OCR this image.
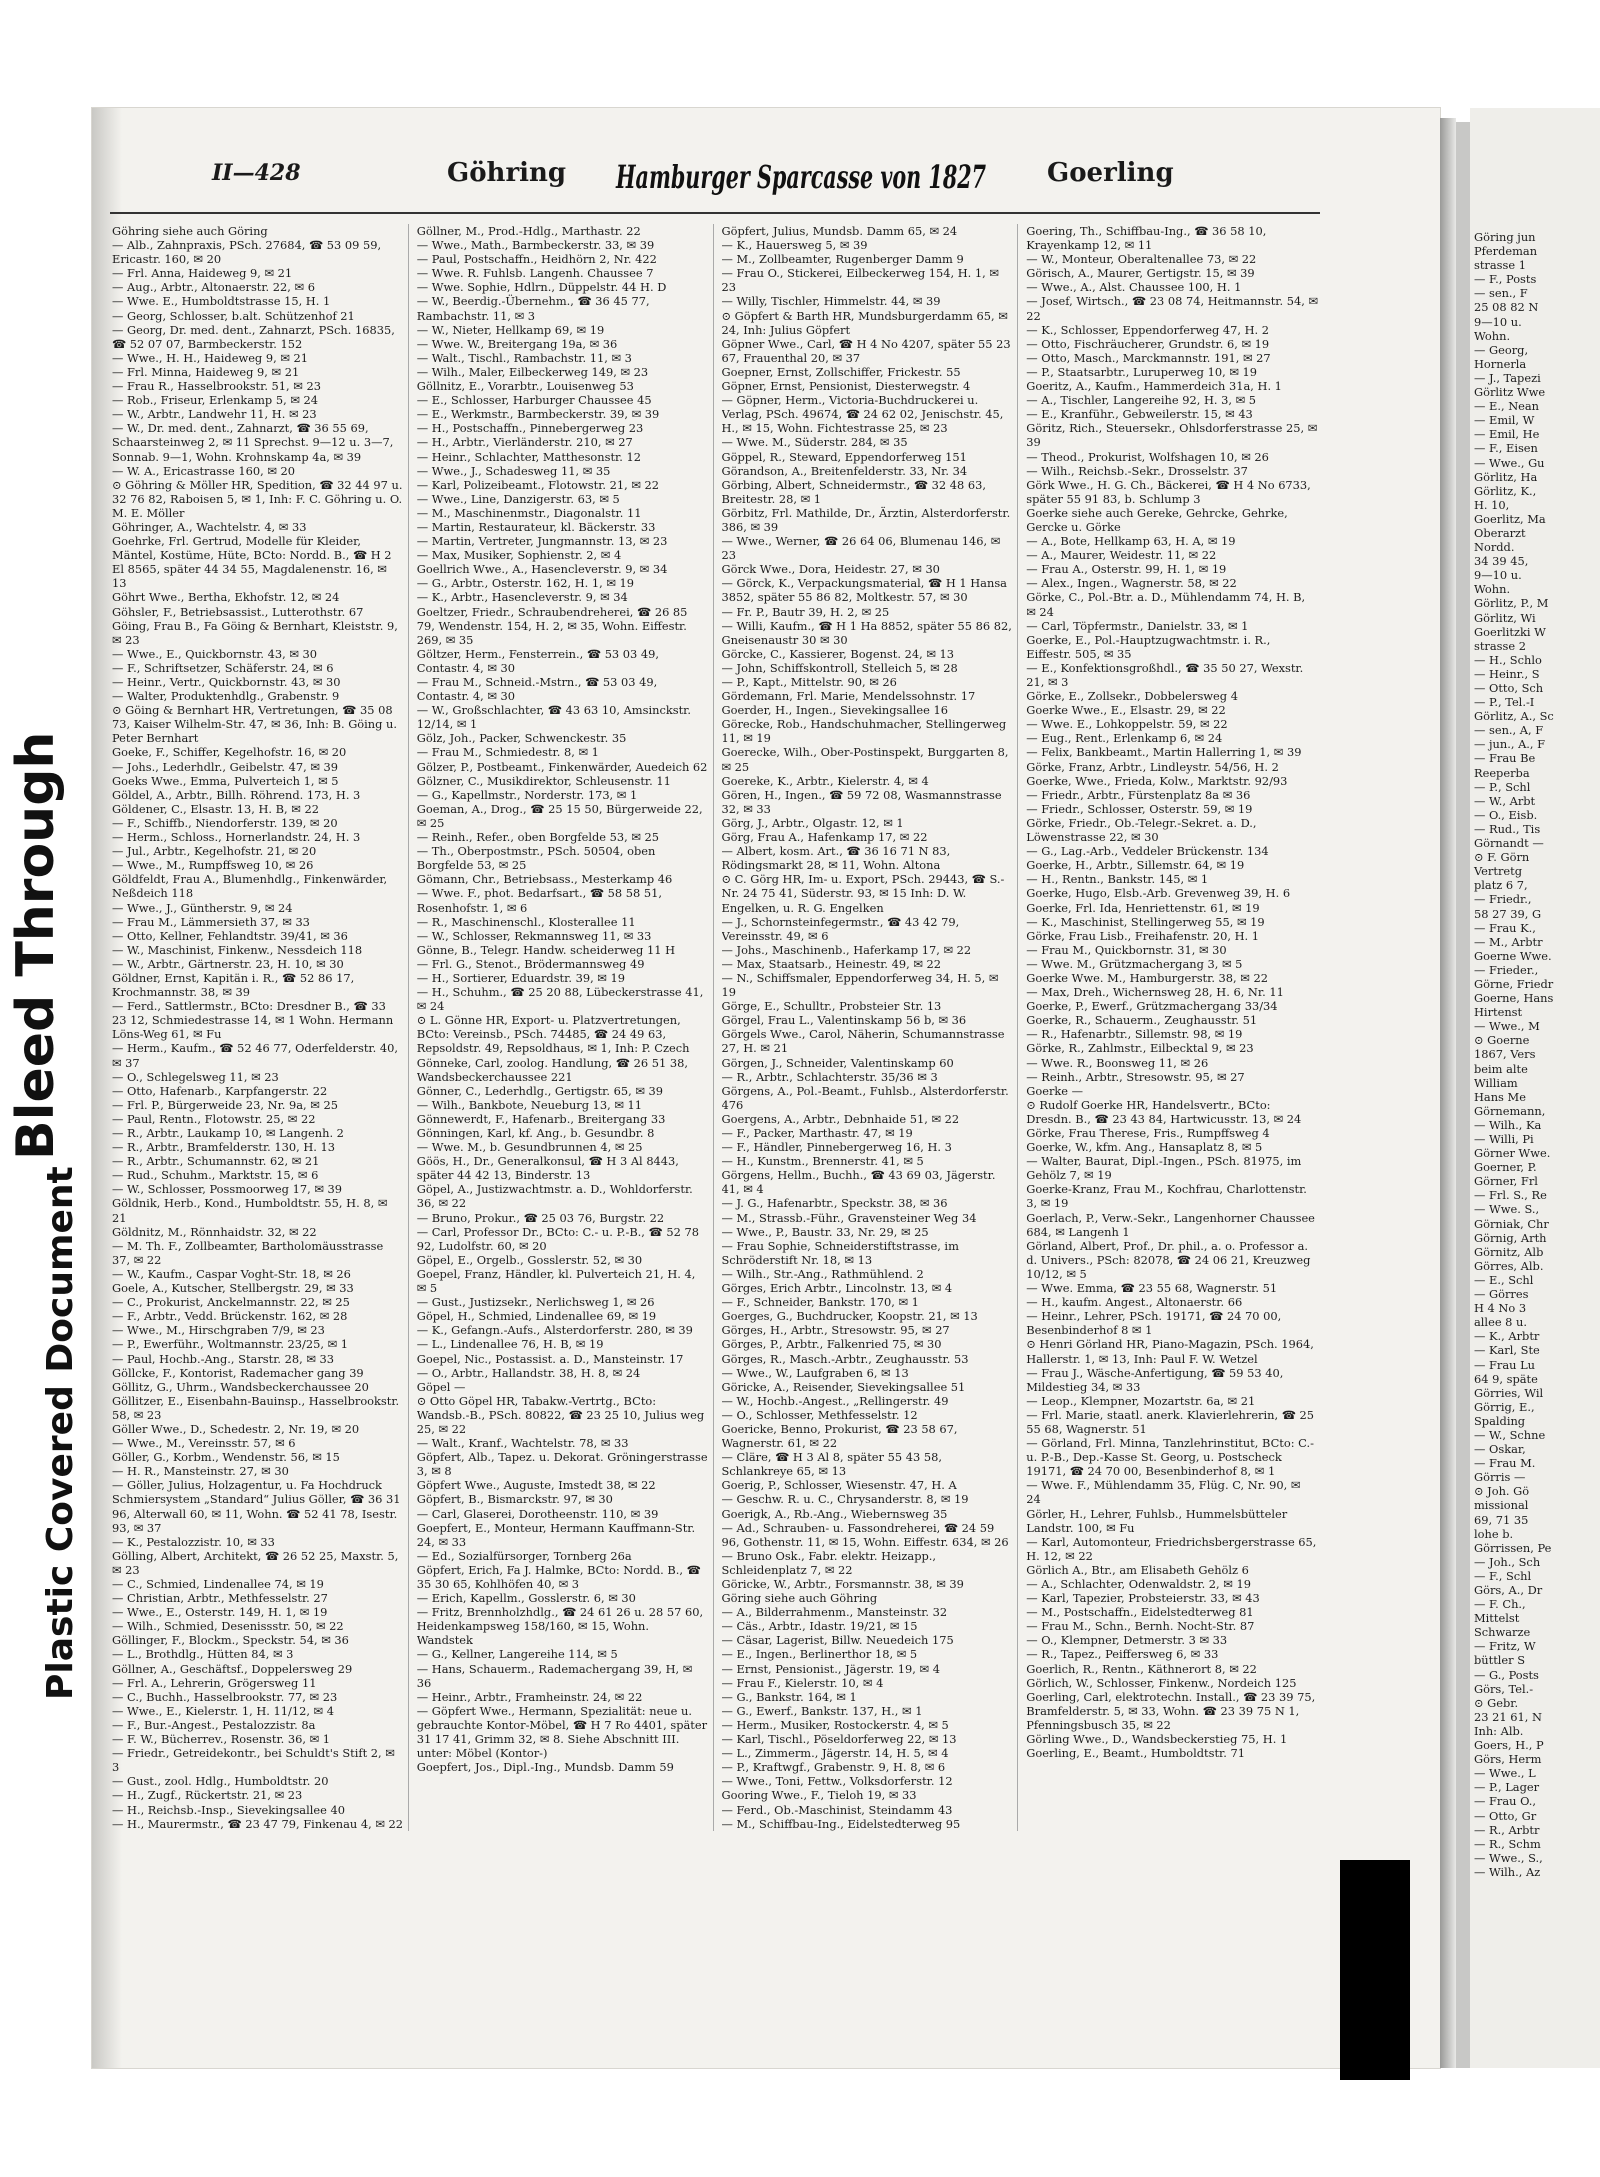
Bleed Through
Plastic Covered Document
II—428	Göhring Hamburger Sparcasse von 1827 Goerling

Göhring siehe auch Göring

— Alb., Zahnpraxis, PSch. 27684, ☎ 53 09 59, Ericastr. 160, ✉ 20

— Frl. Anna, Haideweg 9, ✉ 21

— Aug., Arbtr., Altonaerstr. 22, ✉ 6

— Wwe. E., Humboldtstrasse 15, H. 1

— Georg, Schlosser, b.alt. Schützenhof 21

— Georg, Dr. med. dent., Zahnarzt, PSch. 16835, ☎ 52 07 07, Barmbeckerstr. 152

— Wwe., H. H., Haideweg 9, ✉ 21

— Frl. Minna, Haideweg 9, ✉ 21

— Frau R., Hasselbrookstr. 51, ✉ 23

— Rob., Friseur, Erlenkamp 5, ✉ 24

— W., Arbtr., Landwehr 11, H. ✉ 23

— W., Dr. med. dent., Zahnarzt, ☎ 36 55 69, Schaarsteinweg 2, ✉ 11 Sprechst. 9—12 u. 3—7, Sonnab. 9—1, Wohn. Krohnskamp 4a, ✉ 39

— W. A., Ericastrasse 160, ✉ 20

⊙ Göhring & Möller HR, Spedition, ☎ 32 44 97 u. 32 76 82, Raboisen 5, ✉ 1, Inh: F. C. Göhring u. O. M. E. Möller

Göhringer, A., Wachtelstr. 4, ✉ 33

Goehrke, Frl. Gertrud, Modelle für Kleider, Mäntel, Kostüme, Hüte, BCto: Nordd. B., ☎ H 2 El 8565, später 44 34 55, Magdalenenstr. 16, ✉ 13

Göhrt Wwe., Bertha, Ekhofstr. 12, ✉ 24

Göhsler, F., Betriebsassist., Lutterothstr. 67

Göing, Frau B., Fa Göing & Bernhart, Kleiststr. 9, ✉ 23

— Wwe., E., Quickbornstr. 43, ✉ 30

— F., Schriftsetzer, Schäferstr. 24, ✉ 6

— Heinr., Vertr., Quickbornstr. 43, ✉ 30

— Walter, Produktenhdlg., Grabenstr. 9

⊙ Göing & Bernhart HR, Vertretungen, ☎ 35 08 73, Kaiser Wilhelm-Str. 47, ✉ 36, Inh: B. Göing u. Peter Bernhart

Goeke, F., Schiffer, Kegelhofstr. 16, ✉ 20

— Johs., Lederhdlr., Geibelstr. 47, ✉ 39

Goeks Wwe., Emma, Pulverteich 1, ✉ 5

Göldel, A., Arbtr., Billh. Röhrend. 173, H. 3

Göldener, C., Elsastr. 13, H. B, ✉ 22

— F., Schiffb., Niendorferstr. 139, ✉ 20

— Herm., Schloss., Hornerlandstr. 24, H. 3

— Jul., Arbtr., Kegelhofstr. 21, ✉ 20

— Wwe., M., Rumpffsweg 10, ✉ 26

Göldfeldt, Frau A., Blumenhdlg., Finkenwärder, Neßdeich 118

— Wwe., J., Güntherstr. 9, ✉ 24

— Frau M., Lämmersieth 37, ✉ 33

— Otto, Kellner, Fehlandtstr. 39/41, ✉ 36

— W., Maschinist, Finkenw., Nessdeich 118

— W., Arbtr., Gärtnerstr. 23, H. 10, ✉ 30

Göldner, Ernst, Kapitän i. R., ☎ 52 86 17, Krochmannstr. 38, ✉ 39

— Ferd., Sattlermstr., BCto: Dresdner B., ☎ 33 23 12, Schmiedestrasse 14, ✉ 1 Wohn. Hermann Löns-Weg 61, ✉ Fu

— Herm., Kaufm., ☎ 52 46 77, Oderfelderstr. 40, ✉ 37

— O., Schlegelsweg 11, ✉ 23

— Otto, Hafenarb., Karpfangerstr. 22

— Frl. P., Bürgerweide 23, Nr. 9a, ✉ 25

— Paul, Rentn., Flotowstr. 25, ✉ 22

— R., Arbtr., Laukamp 10, ✉ Langenh. 2

— R., Arbtr., Bramfelderstr. 130, H. 13

— R., Arbtr., Schumannstr. 62, ✉ 21

— Rud., Schuhm., Marktstr. 15, ✉ 6

— W., Schlosser, Possmoorweg 17, ✉ 39

Göldnik, Herb., Kond., Humboldtstr. 55, H. 8, ✉ 21

Göldnitz, M., Rönnhaidstr. 32, ✉ 22

— M. Th. F., Zollbeamter, Bartholomäusstrasse 37, ✉ 22

— W., Kaufm., Caspar Voght-Str. 18, ✉ 26

Goele, A., Kutscher, Stellbergstr. 29, ✉ 33

— C., Prokurist, Anckelmannstr. 22, ✉ 25

— F., Arbtr., Vedd. Brückenstr. 162, ✉ 28

— Wwe., M., Hirschgraben 7/9, ✉ 23

— P., Ewerführ., Woltmannstr. 23/25, ✉ 1

— Paul, Hochb.-Ang., Starstr. 28, ✉ 33

Göllcke, F., Kontorist, Rademacher gang 39

Göllitz, G., Uhrm., Wandsbeckerchaussee 20

Göllitzer, E., Eisenbahn-Bauinsp., Hasselbrookstr. 58, ✉ 23

Göller Wwe., D., Schedestr. 2, Nr. 19, ✉ 20

— Wwe., M., Vereinsstr. 57, ✉ 6

Göller, G., Korbm., Wendenstr. 56, ✉ 15

— H. R., Mansteinstr. 27, ✉ 30

— Göller, Julius, Holzagentur, u. Fa Hochdruck Schmiersystem „Standard“ Julius Göller, ☎ 36 31 96, Alterwall 60, ✉ 11, Wohn. ☎ 52 41 78, Isestr. 93, ✉ 37

— K., Pestalozzistr. 10, ✉ 33

Gölling, Albert, Architekt, ☎ 26 52 25, Maxstr. 5, ✉ 23

— C., Schmied, Lindenallee 74, ✉ 19

— Christian, Arbtr., Methfesselstr. 27

— Wwe., E., Osterstr. 149, H. 1, ✉ 19

— Wilh., Schmied, Desenissstr. 50, ✉ 22

Göllinger, F., Blockm., Speckstr. 54, ✉ 36

— L., Brothdlg., Hütten 84, ✉ 3

Göllner, A., Geschäftsf., Doppelersweg 29

— Frl. A., Lehrerin, Grögersweg 11

— C., Buchh., Hasselbrookstr. 77, ✉ 23

— Wwe., E., Kielerstr. 1, H. 11/12, ✉ 4

— F., Bur.-Angest., Pestalozzistr. 8a

— F. W., Bücherrev., Rosenstr. 36, ✉ 1

— Friedr., Getreidekontr., bei Schuldt's Stift 2, ✉ 3

— Gust., zool. Hdlg., Humboldtstr. 20

— H., Zugf., Rückertstr. 21, ✉ 23

— H., Reichsb.-Insp., Sievekingsallee 40

— H., Maurermstr., ☎ 23 47 79, Finkenau 4, ✉ 22

Göllner, M., Prod.-Hdlg., Marthastr. 22

— Wwe., Math., Barmbeckerstr. 33, ✉ 39

— Paul, Postschaffn., Heidhörn 2, Nr. 422

— Wwe. R. Fuhlsb. Langenh. Chaussee 7

— Wwe. Sophie, Hdlrn., Düppelstr. 44 H. D

— W., Beerdig.-Übernehm., ☎ 36 45 77, Rambachstr. 11, ✉ 3

— W., Nieter, Hellkamp 69, ✉ 19

— Wwe. W., Breitergang 19a, ✉ 36

— Walt., Tischl., Rambachstr. 11, ✉ 3

— Wilh., Maler, Eilbeckerweg 149, ✉ 23

Göllnitz, E., Vorarbtr., Louisenweg 53

— E., Schlosser, Harburger Chaussee 45

— E., Werkmstr., Barmbeckerstr. 39, ✉ 39

— H., Postschaffn., Pinnebergerweg 23

— H., Arbtr., Vierländerstr. 210, ✉ 27

— Heinr., Schlachter, Matthesonstr. 12

— Wwe., J., Schadesweg 11, ✉ 35

— Karl, Polizeibeamt., Flotowstr. 21, ✉ 22

— Wwe., Line, Danzigerstr. 63, ✉ 5

— M., Maschinenmstr., Diagonalstr. 11

— Martin, Restaurateur, kl. Bäckerstr. 33

— Martin, Vertreter, Jungmannstr. 13, ✉ 23

— Max, Musiker, Sophienstr. 2, ✉ 4

Goellrich Wwe., A., Hasencleverstr. 9, ✉ 34

— G., Arbtr., Osterstr. 162, H. 1, ✉ 19

— K., Arbtr., Hasencleverstr. 9, ✉ 34

Goeltzer, Friedr., Schraubendreherei, ☎ 26 85 79, Wendenstr. 154, H. 2, ✉ 35, Wohn. Eiffestr. 269, ✉ 35

Göltzer, Herm., Fensterrein., ☎ 53 03 49, Contastr. 4, ✉ 30

— Frau M., Schneid.-Mstrn., ☎ 53 03 49, Contastr. 4, ✉ 30

— W., Großschlachter, ☎ 43 63 10, Amsinckstr. 12/14, ✉ 1

Gölz, Joh., Packer, Schwenckestr. 35

— Frau M., Schmiedestr. 8, ✉ 1

Gölzer, P., Postbeamt., Finkenwärder, Auedeich 62

Gölzner, C., Musikdirektor, Schleusenstr. 11

— G., Kapellmstr., Norderstr. 173, ✉ 1

Goeman, A., Drog., ☎ 25 15 50, Bürgerweide 22, ✉ 25

— Reinh., Refer., oben Borgfelde 53, ✉ 25

— Th., Oberpostmstr., PSch. 50504, oben Borgfelde 53, ✉ 25

Gömann, Chr., Betriebsass., Mesterkamp 46

— Wwe. F., phot. Bedarfsart., ☎ 58 58 51, Rosenhofstr. 1, ✉ 6

— R., Maschinenschl., Klosterallee 11

— W., Schlosser, Rekmannsweg 11, ✉ 33

Gönne, B., Telegr. Handw. scheiderweg 11 H

— Frl. G., Stenot., Brödermannsweg 49

— H., Sortierer, Eduardstr. 39, ✉ 19

— H., Schuhm., ☎ 25 20 88, Lübeckerstrasse 41, ✉ 24

⊙ L. Gönne HR, Export- u. Platzvertretungen, BCto: Vereinsb., PSch. 74485, ☎ 24 49 63, Repsoldstr. 49, Repsoldhaus, ✉ 1, Inh: P. Czech

Gönneke, Carl, zoolog. Handlung, ☎ 26 51 38, Wandsbeckerchaussee 221

Gönner, C., Lederhdlg., Gertigstr. 65, ✉ 39

— Wilh., Bankbote, Neueburg 13, ✉ 11

Gönnewerdt, F., Hafenarb., Breitergang 33

Gönningen, Karl, kf. Ang., b. Gesundbr. 8

— Wwe. M., b. Gesundbrunnen 4, ✉ 25

Göös, H., Dr., Generalkonsul, ☎ H 3 Al 8443, später 44 42 13, Binderstr. 13

Göpel, A., Justizwachtmstr. a. D., Wohldorferstr. 36, ✉ 22

— Bruno, Prokur., ☎ 25 03 76, Burgstr. 22

— Carl, Professor Dr., BCto: C.- u. P.-B., ☎ 52 78 92, Ludolfstr. 60, ✉ 20

Göpel, E., Orgelb., Gosslerstr. 52, ✉ 30

Goepel, Franz, Händler, kl. Pulverteich 21, H. 4, ✉ 5

— Gust., Justizsekr., Nerlichsweg 1, ✉ 26

Göpel, H., Schmied, Lindenallee 69, ✉ 19

— K., Gefangn.-Aufs., Alsterdorferstr. 280, ✉ 39

— L., Lindenallee 76, H. B, ✉ 19

Goepel, Nic., Postassist. a. D., Mansteinstr. 17

— O., Arbtr., Hallandstr. 38, H. 8, ✉ 24

Göpel —

⊙ Otto Göpel HR, Tabakw.-Vertrtg., BCto: Wandsb.-B., PSch. 80822, ☎ 23 25 10, Julius weg 25, ✉ 22

— Walt., Kranf., Wachtelstr. 78, ✉ 33

Göpfert, Alb., Tapez. u. Dekorat. Gröningerstrasse 3, ✉ 8

Göpfert Wwe., Auguste, Imstedt 38, ✉ 22

Göpfert, B., Bismarckstr. 97, ✉ 30

— Carl, Glaserei, Dorotheenstr. 110, ✉ 39

Goepfert, E., Monteur, Hermann Kauffmann-Str. 24, ✉ 33

— Ed., Sozialfürsorger, Tornberg 26a

Göpfert, Erich, Fa J. Halmke, BCto: Nordd. B., ☎ 35 30 65, Kohlhöfen 40, ✉ 3

— Erich, Kapellm., Gosslerstr. 6, ✉ 30

— Fritz, Brennholzhdlg., ☎ 24 61 26 u. 28 57 60, Heidenkampsweg 158/160, ✉ 15, Wohn. Wandstek

— G., Kellner, Langereihe 114, ✉ 5

— Hans, Schauerm., Rademachergang 39, H, ✉ 36

— Heinr., Arbtr., Framheinstr. 24, ✉ 22

— Göpfert Wwe., Hermann, Spezialität: neue u. gebrauchte Kontor-Möbel, ☎ H 7 Ro 4401, später 31 17 41, Grimm 32, ✉ 8. Siehe Abschnitt III. unter: Möbel (Kontor-)

Goepfert, Jos., Dipl.-Ing., Mundsb. Damm 59

Göpfert, Julius, Mundsb. Damm 65, ✉ 24

— K., Hauersweg 5, ✉ 39

— M., Zollbeamter, Rugenberger Damm 9

— Frau O., Stickerei, Eilbeckerweg 154, H. 1, ✉ 23

— Willy, Tischler, Himmelstr. 44, ✉ 39

⊙ Göpfert & Barth HR, Mundsburgerdamm 65, ✉ 24, Inh: Julius Göpfert

Göpner Wwe., Carl, ☎ H 4 No 4207, später 55 23 67, Frauenthal 20, ✉ 37

Goepner, Ernst, Zollschiffer, Frickestr. 55

Göpner, Ernst, Pensionist, Diesterwegstr. 4

— Göpner, Herm., Victoria-Buchdruckerei u. Verlag, PSch. 49674, ☎ 24 62 02, Jenischstr. 45, H., ✉ 15, Wohn. Fichtestrasse 25, ✉ 23

— Wwe. M., Süderstr. 284, ✉ 35

Göppel, R., Steward, Eppendorferweg 151

Görandson, A., Breitenfelderstr. 33, Nr. 34

Görbing, Albert, Schneidermstr., ☎ 32 48 63, Breitestr. 28, ✉ 1

Görbitz, Frl. Mathilde, Dr., Ärztin, Alsterdorferstr. 386, ✉ 39

— Wwe., Werner, ☎ 26 64 06, Blumenau 146, ✉ 23

Görck Wwe., Dora, Heidestr. 27, ✉ 30

— Görck, K., Verpackungsmaterial, ☎ H 1 Hansa 3852, später 55 86 82, Moltkestr. 57, ✉ 30

— Fr. P., Bautr 39, H. 2, ✉ 25

— Willi, Kaufm., ☎ H 1 Ha 8852, später 55 86 82, Gneisenaustr 30 ✉ 30

Görcke, C., Kassierer, Bogenst. 24, ✉ 13

— John, Schiffskontroll, Stelleich 5, ✉ 28

— P., Kapt., Mittelstr. 90, ✉ 26

Gördemann, Frl. Marie, Mendelssohnstr. 17

Goerder, H., Ingen., Sievekingsallee 16

Görecke, Rob., Handschuhmacher, Stellingerweg 11, ✉ 19

Goerecke, Wilh., Ober-Postinspekt, Burggarten 8, ✉ 25

Goereke, K., Arbtr., Kielerstr. 4, ✉ 4

Gören, H., Ingen., ☎ 59 72 08, Wasmannstrasse 32, ✉ 33

Görg, J., Arbtr., Olgastr. 12, ✉ 1

Görg, Frau A., Hafenkamp 17, ✉ 22

— Albert, kosm. Art., ☎ 36 16 71 N 83, Rödingsmarkt 28, ✉ 11, Wohn. Altona

⊙ C. Görg HR, Im- u. Export, PSch. 29443, ☎ S.-Nr. 24 75 41, Süderstr. 93, ✉ 15 Inh: D. W. Engelken, u. R. G. Engelken

— J., Schornsteinfegermstr., ☎ 43 42 79, Vereinsstr. 49, ✉ 6

— Johs., Maschinenb., Haferkamp 17, ✉ 22

— Max, Staatsarb., Heinestr. 49, ✉ 22

— N., Schiffsmaler, Eppendorferweg 34, H. 5, ✉ 19

Görge, E., Schulltr., Probsteier Str. 13

Görgel, Frau L., Valentinskamp 56 b, ✉ 36

Görgels Wwe., Carol, Näherin, Schumannstrasse 27, H. ✉ 21

Görgen, J., Schneider, Valentinskamp 60

— R., Arbtr., Schlachterstr. 35/36 ✉ 3

Görgens, A., Pol.-Beamt., Fuhlsb., Alsterdorferstr. 476

Goergens, A., Arbtr., Debnhaide 51, ✉ 22

— F., Packer, Marthastr. 47, ✉ 19

— F., Händler, Pinnebergerweg 16, H. 3

— H., Kunstm., Brennerstr. 41, ✉ 5

Görgens, Hellm., Buchh., ☎ 43 69 03, Jägerstr. 41, ✉ 4

— J. G., Hafenarbtr., Speckstr. 38, ✉ 36

— M., Strassb.-Führ., Gravensteiner Weg 34

— Wwe., P., Baustr. 33, Nr. 29, ✉ 25

— Frau Sophie, Schneiderstiftstrasse, im Schröderstift Nr. 18, ✉ 13

— Wilh., Str.-Ang., Rathmühlend. 2

Görges, Erich Arbtr., Lincolnstr. 13, ✉ 4

— F., Schneider, Bankstr. 170, ✉ 1

Goerges, G., Buchdrucker, Koopstr. 21, ✉ 13

Görges, H., Arbtr., Stresowstr. 95, ✉ 27

Görges, P., Arbtr., Falkenried 75, ✉ 30

Görges, R., Masch.-Arbtr., Zeughausstr. 53

— Wwe., W., Laufgraben 6, ✉ 13

Göricke, A., Reisender, Sievekingsallee 51

— W., Hochb.-Angest., „Rellingerstr. 49

— O., Schlosser, Methfesselstr. 12

Goericke, Benno, Prokurist, ☎ 23 58 67, Wagnerstr. 61, ✉ 22

— Cläre, ☎ H 3 Al 8, später 55 43 58, Schlankreye 65, ✉ 13

Goerig, P., Schlosser, Wiesenstr. 47, H. A

— Geschw. R. u. C., Chrysanderstr. 8, ✉ 19

Goerigk, A., Rb.-Ang., Wiebernsweg 35

— Ad., Schrauben- u. Fassondreherei, ☎ 24 59 96, Gothenstr. 11, ✉ 15, Wohn. Eiffestr. 634, ✉ 26

— Bruno Osk., Fabr. elektr. Heizapp., Schleidenplatz 7, ✉ 22

Göricke, W., Arbtr., Forsmannstr. 38, ✉ 39

Göring siehe auch Göhring

— A., Bilderrahmenm., Mansteinstr. 32

— Cäs., Arbtr., Idastr. 19/21, ✉ 15

— Cäsar, Lagerist, Billw. Neuedeich 175

— E., Ingen., Berlinerthor 18, ✉ 5

— Ernst, Pensionist., Jägerstr. 19, ✉ 4

— Frau F., Kielerstr. 10, ✉ 4

— G., Bankstr. 164, ✉ 1

— G., Ewerf., Bankstr. 137, H., ✉ 1

— Herm., Musiker, Rostockerstr. 4, ✉ 5

— Karl, Tischl., Pöseldorferweg 22, ✉ 13

— L., Zimmerm., Jägerstr. 14, H. 5, ✉ 4

— P., Kraftwgf., Grabenstr. 9, H. 8, ✉ 6

— Wwe., Toni, Fettw., Volksdorferstr. 12

Gooring Wwe., F., Tieloh 19, ✉ 33

— Ferd., Ob.-Maschinist, Steindamm 43

— M., Schiffbau-Ing., Eidelstedterweg 95

Goering, Th., Schiffbau-Ing., ☎ 36 58 10, Krayenkamp 12, ✉ 11

— W., Monteur, Oberaltenallee 73, ✉ 22

Görisch, A., Maurer, Gertigstr. 15, ✉ 39

— Wwe., A., Alst. Chaussee 100, H. 1

— Josef, Wirtsch., ☎ 23 08 74, Heitmannstr. 54, ✉ 22

— K., Schlosser, Eppendorferweg 47, H. 2

— Otto, Fischräucherer, Grundstr. 6, ✉ 19

— Otto, Masch., Marckmannstr. 191, ✉ 27

— P., Staatsarbtr., Luruperweg 10, ✉ 19

Goeritz, A., Kaufm., Hammerdeich 31a, H. 1

— A., Tischler, Langereihe 92, H. 3, ✉ 5

— E., Kranführ., Gebweilerstr. 15, ✉ 43

Göritz, Rich., Steuersekr., Ohlsdorferstrasse 25, ✉ 39

— Theod., Prokurist, Wolfshagen 10, ✉ 26

— Wilh., Reichsb.-Sekr., Drosselstr. 37

Görk Wwe., H. G. Ch., Bäckerei, ☎ H 4 No 6733, später 55 91 83, b. Schlump 3

Goerke siehe auch Gereke, Gehrcke, Gehrke, Gercke u. Görke

— A., Bote, Hellkamp 63, H. A, ✉ 19

— A., Maurer, Weidestr. 11, ✉ 22

— Frau A., Osterstr. 99, H. 1, ✉ 19

— Alex., Ingen., Wagnerstr. 58, ✉ 22

Görke, C., Pol.-Btr. a. D., Mühlendamm 74, H. B, ✉ 24

— Carl, Töpfermstr., Danielstr. 33, ✉ 1

Goerke, E., Pol.-Hauptzugwachtmstr. i. R., Eiffestr. 505, ✉ 35

— E., Konfektionsgroßhdl., ☎ 35 50 27, Wexstr. 21, ✉ 3

Görke, E., Zollsekr., Dobbelersweg 4

Goerke Wwe., E., Elsastr. 29, ✉ 22

— Wwe. E., Lohkoppelstr. 59, ✉ 22

— Eug., Rent., Erlenkamp 6, ✉ 24

— Felix, Bankbeamt., Martin Hallerring 1, ✉ 39

Görke, Franz, Arbtr., Lindleystr. 54/56, H. 2

Goerke, Wwe., Frieda, Kolw., Marktstr. 92/93

— Friedr., Arbtr., Fürstenplatz 8a ✉ 36

— Friedr., Schlosser, Osterstr. 59, ✉ 19

Görke, Friedr., Ob.-Telegr.-Sekret. a. D., Löwenstrasse 22, ✉ 30

— G., Lag.-Arb., Veddeler Brückenstr. 134

Goerke, H., Arbtr., Sillemstr. 64, ✉ 19

— H., Rentn., Bankstr. 145, ✉ 1

Goerke, Hugo, Elsb.-Arb. Grevenweg 39, H. 6

Goerke, Frl. Ida, Henriettenstr. 61, ✉ 19

— K., Maschinist, Stellingerweg 55, ✉ 19

Görke, Frau Lisb., Freihafenstr. 20, H. 1

— Frau M., Quickbornstr. 31, ✉ 30

— Wwe. M., Grützmachergang 3, ✉ 5

Goerke Wwe. M., Hamburgerstr. 38, ✉ 22

— Max, Dreh., Wichernsweg 28, H. 6, Nr. 11

Goerke, P., Ewerf., Grützmachergang 33/34

Goerke, R., Schauerm., Zeughausstr. 51

— R., Hafenarbtr., Sillemstr. 98, ✉ 19

Görke, R., Zahlmstr., Eilbecktal 9, ✉ 23

— Wwe. R., Boonsweg 11, ✉ 26

— Reinh., Arbtr., Stresowstr. 95, ✉ 27

Goerke —

⊙ Rudolf Goerke HR, Handelsvertr., BCto: Dresdn. B., ☎ 23 43 84, Hartwicusstr. 13, ✉ 24

Görke, Frau Therese, Fris., Rumpffsweg 4

Goerke, W., kfm. Ang., Hansaplatz 8, ✉ 5

— Walter, Baurat, Dipl.-Ingen., PSch. 81975, im Gehölz 7, ✉ 19

Goerke-Kranz, Frau M., Kochfrau, Charlottenstr. 3, ✉ 19

Goerlach, P., Verw.-Sekr., Langenhorner Chaussee 684, ✉ Langenh 1

Görland, Albert, Prof., Dr. phil., a. o. Professor a. d. Univers., PSch: 82078, ☎ 24 06 21, Kreuzweg 10/12, ✉ 5

— Wwe. Emma, ☎ 23 55 68, Wagnerstr. 51

— H., kaufm. Angest., Altonaerstr. 66

— Heinr., Lehrer, PSch. 19171, ☎ 24 70 00, Besenbinderhof 8 ✉ 1

⊙ Henri Görland HR, Piano-Magazin, PSch. 1964, Hallerstr. 1, ✉ 13, Inh: Paul F. W. Wetzel

— Frau J., Wäsche-Anfertigung, ☎ 59 53 40, Mildestieg 34, ✉ 33

— Leop., Klempner, Mozartstr. 6a, ✉ 21

— Frl. Marie, staatl. anerk. Klavierlehrerin, ☎ 25 55 68, Wagnerstr. 51

— Görland, Frl. Minna, Tanzlehrinstitut, BCto: C.- u. P.-B., Dep.-Kasse St. Georg, u. Postscheck 19171, ☎ 24 70 00, Besenbinderhof 8, ✉ 1

— Wwe. F., Mühlendamm 35, Flüg. C, Nr. 90, ✉ 24

Görler, H., Lehrer, Fuhlsb., Hummelsbütteler Landstr. 100, ✉ Fu

— Karl, Automonteur, Friedrichsbergerstrasse 65, H. 12, ✉ 22

Görlich A., Btr., am Elisabeth Gehölz 6

— A., Schlachter, Odenwaldstr. 2, ✉ 19

— Karl, Tapezier, Probsteierstr. 33, ✉ 43

— M., Postschaffn., Eidelstedterweg 81

— Frau M., Schn., Bernh. Nocht-Str. 87

— O., Klempner, Detmerstr. 3 ✉ 33

— R., Tapez., Peiffersweg 6, ✉ 33

Goerlich, R., Rentn., Käthnerort 8, ✉ 22

Görlich, W., Schlosser, Finkenw., Nordeich 125

Goerling, Carl, elektrotechn. Install., ☎ 23 39 75, Bramfelderstr. 5, ✉ 33, Wohn. ☎ 23 39 75 N 1, Pfenningsbusch 35, ✉ 22

Görling Wwe., D., Wandsbeckerstieg 75, H. 1

Goerling, E., Beamt., Humboldtstr. 71

Göring jun
Pferdeman
strasse 1
— F., Posts
— sen., F
25 08 82 N
9—10 u.
Wohn.
— Georg,
Hornerla
— J., Tapezi
Görlitz Wwe
— E., Nean
— Emil, W
— Emil, He
— F., Eisen
— Wwe., Gu
Görlitz, Ha
Görlitz, K.,
H. 10,
Goerlitz, Ma
Oberarzt
Nordd.
34 39 45,
9—10 u.
Wohn.
Görlitz, P., M
Görlitz, Wi
Goerlitzki W
strasse 2
— H., Schlo
— Heinr., S
— Otto, Sch
— P., Tel.-I
Görlitz, A., Sc
— sen., A, F
— jun., A., F
— Frau Be
Reeperba
— P., Schl
— W., Arbt
— O., Eisb.
— Rud., Tis
Görnandt —
⊙ F. Görn
Vertretg
platz 6 7,
— Friedr.,
58 27 39, G
— Frau K.,
— M., Arbtr
Goerne Wwe.
— Frieder.,
Görne, Friedr
Goerne, Hans
Hirtenst
— Wwe., M
⊙ Goerne
1867, Vers
beim alte
William
Hans Me
Görnemann,
— Wilh., Ka
— Willi, Pi
Görner Wwe.
Goerner, P.
Görner, Frl
— Frl. S., Re
— Wwe. S.,
Görniak, Chr
Görnig, Arth
Görnitz, Alb
Görres, Alb.
— E., Schl
— Görres
H 4 No 3
allee 8 u.
— K., Arbtr
— Karl, Ste
— Frau Lu
64 9, späte
Görries, Wil
Görrig, E.,
Spalding
— W., Schne
— Oskar,
— Frau M.
Görris —
⊙ Joh. Gö
missional
69, 71 35
lohe b.
Görrissen, Pe
— Joh., Sch
— F., Schl
Görs, A., Dr
— F. Ch.,
Mittelst
Schwarze
— Fritz, W
büttler S
— G., Posts
Görs, Tel.-
⊙ Gebr.
23 21 61, N
Inh: Alb.
Goers, H., P
Görs, Herm
— Wwe., L
— P., Lager
— Frau O.,
— Otto, Gr
— R., Arbtr
— R., Schm
— Wwe., S.,
— Wilh., Az
